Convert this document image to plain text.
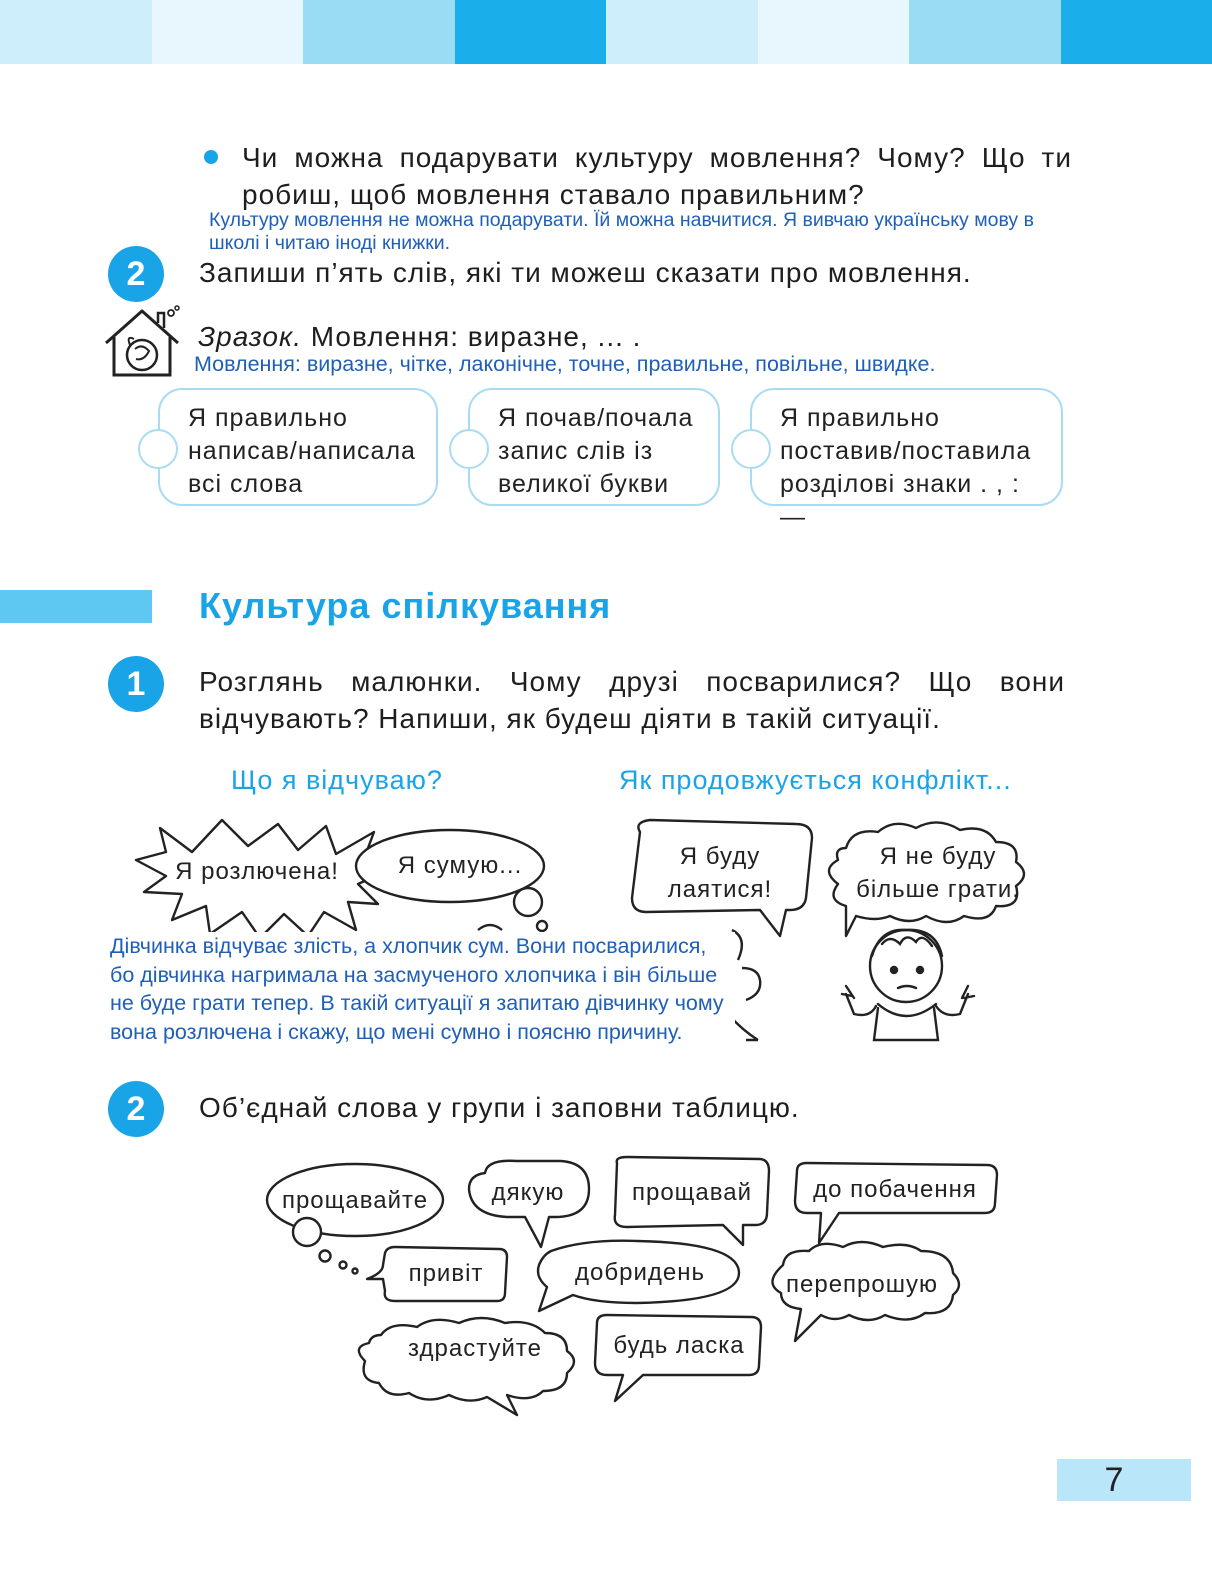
Чи можна подарувати культуру мовлення? Чому? Що ти робиш, щоб мовлення ставало правильним?
Культуру мовлення не можна подарувати. Їй можна навчитися. Я вивчаю українську мову в школі і читаю іноді книжки.
2	Запиши п’ять слів, які ти можеш сказати про мовлення.
Зразок. Мовлення: виразне, ... .
Мовлення: виразне, чітке, лаконічне, точне, правильне, повільне, швидке.
Я правильно написав/написала всі слова
Я почав/почала запис слів із великої букви
Я правильно поставив/поставила розділові знаки . , : —
Культура спілкування
1	Розглянь малюнки. Чому друзі посварилися? Що вони відчувають? Напиши, як будеш діяти в такій ситуації.
Що я відчуваю?	Як продовжується конфлікт...
Я розлючена!	Я сумую...	Я буду лаятися!
Я не буду більше грати.
Дівчинка відчуває злість, а хлопчик сум. Вони посварилися, бо дівчинка нагримала на засмученого хлопчика і він більше не буде грати тепер. В такій ситуації я запитаю дівчинку чому вона розлючена і скажу, що мені сумно і поясню причину.
2	Об’єднай слова у групи і заповни таблицю.
прощавайте	дякую	прощавай	до побачення
привіт	добридень	перепрошую
здрастуйте	будь ласка
7
